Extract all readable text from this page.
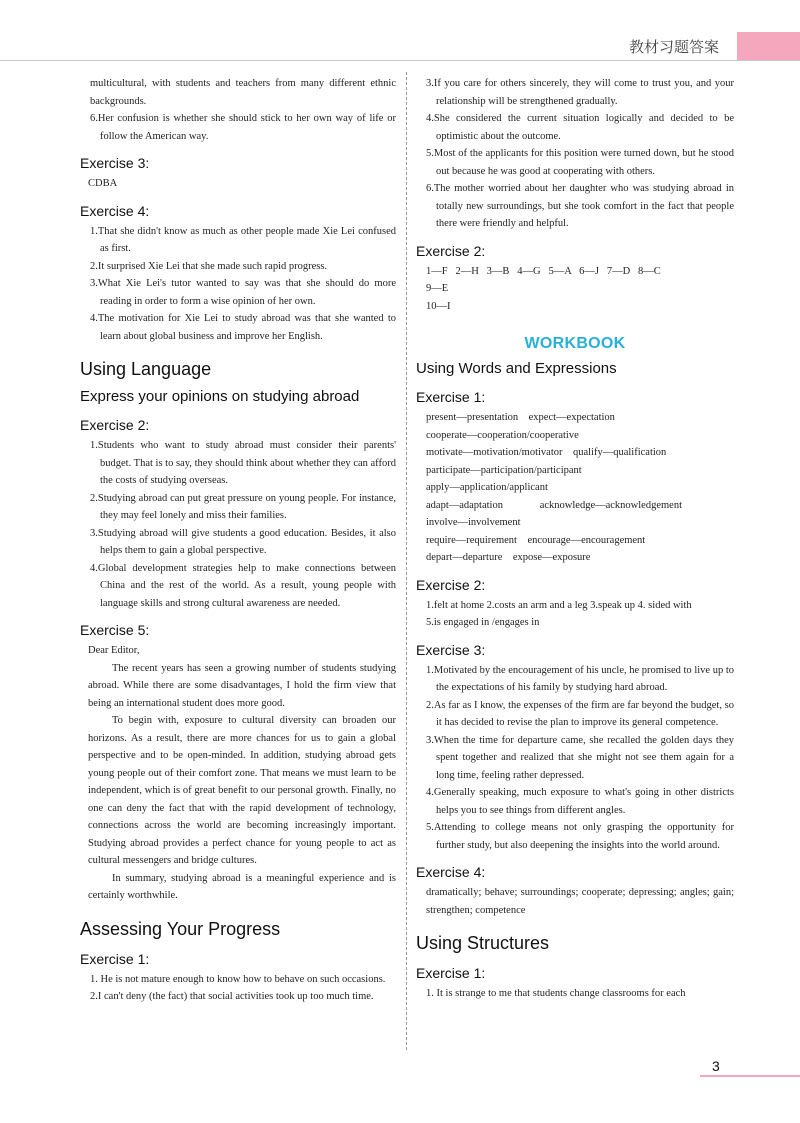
教材习题答案

multicultural, with students and teachers from many different ethnic backgrounds.

6.Her confusion is whether she should stick to her own way of life or follow the American way.

Exercise 3:

CDBA

Exercise 4:

1.That she didn't know as much as other people made Xie Lei confused as first.

2.It surprised Xie Lei that she made such rapid progress.

3.What Xie Lei's tutor wanted to say was that she should do more reading in order to form a wise opinion of her own.

4.The motivation for Xie Lei to study abroad was that she wanted to learn about global business and improve her English.

Using Language
Express your opinions on studying abroad
Exercise 2:

1.Students who want to study abroad must consider their parents' budget. That is to say, they should think about whether they can afford the costs of studying overseas.

2.Studying abroad can put great pressure on young people. For instance, they may feel lonely and miss their families.

3.Studying abroad will give students a good education. Besides, it also helps them to gain a global perspective.

4.Global development strategies help to make connections between China and the rest of the world. As a result, young people with language skills and strong cultural awareness are needed.

Exercise 5:

Dear Editor,

The recent years has seen a growing number of students studying abroad. While there are some disadvantages, I hold the firm view that being an international student does more good.

To begin with, exposure to cultural diversity can broaden our horizons. As a result, there are more chances for us to gain a global perspective and to be open-minded. In addition, studying abroad gets young people out of their comfort zone. That means we must learn to be independent, which is of great benefit to our personal growth. Finally, no one can deny the fact that with the rapid development of technology, connections across the world are becoming increasingly important. Studying abroad provides a perfect chance for young people to act as cultural messengers and bridge cultures.

In summary, studying abroad is a meaningful experience and is certainly worthwhile.

Assessing Your Progress
Exercise 1:

1. He is not mature enough to know how to behave on such occasions.

2.I can't deny (the fact) that social activities took up too much time.

3.If you care for others sincerely, they will come to trust you, and your relationship will be strengthened gradually.

4.She considered the current situation logically and decided to be optimistic about the outcome.

5.Most of the applicants for this position were turned down, but he stood out because he was good at cooperating with others.

6.The mother worried about her daughter who was studying abroad in totally new surroundings, but she took comfort in the fact that people there were friendly and helpful.

Exercise 2:

1—F   2—H   3—B   4—G   5—A   6—J   7—D   8—C

9—E

10—I

WORKBOOK
Using Words and Expressions
Exercise 1:

present—presentation    expect—expectation

cooperate—cooperation/cooperative

motivate—motivation/motivator    qualify—qualification

participate—participation/participant

apply—application/applicant

adapt—adaptation              acknowledge—acknowledgement

involve—involvement

require—requirement    encourage—encouragement

depart—departure    expose—exposure

Exercise 2:

1.felt at home 2.costs an arm and a leg 3.speak up 4. sided with

5.is engaged in /engages in

Exercise 3:

1.Motivated by the encouragement of his uncle, he promised to live up to the expectations of his family by studying hard abroad.

2.As far as I know, the expenses of the firm are far beyond the budget, so it has decided to revise the plan to improve its general competence.

3.When the time for departure came, she recalled the golden days they spent together and realized that she might not see them again for a long time, feeling rather depressed.

4.Generally speaking, much exposure to what's going in other districts helps you to see things from different angles.

5.Attending to college means not only grasping the opportunity for further study, but also deepening the insights into the world around.

Exercise 4:

dramatically; behave; surroundings; cooperate; depressing; angles; gain; strengthen; competence

Using Structures
Exercise 1:

1. It is strange to me that students change classrooms for each

3
